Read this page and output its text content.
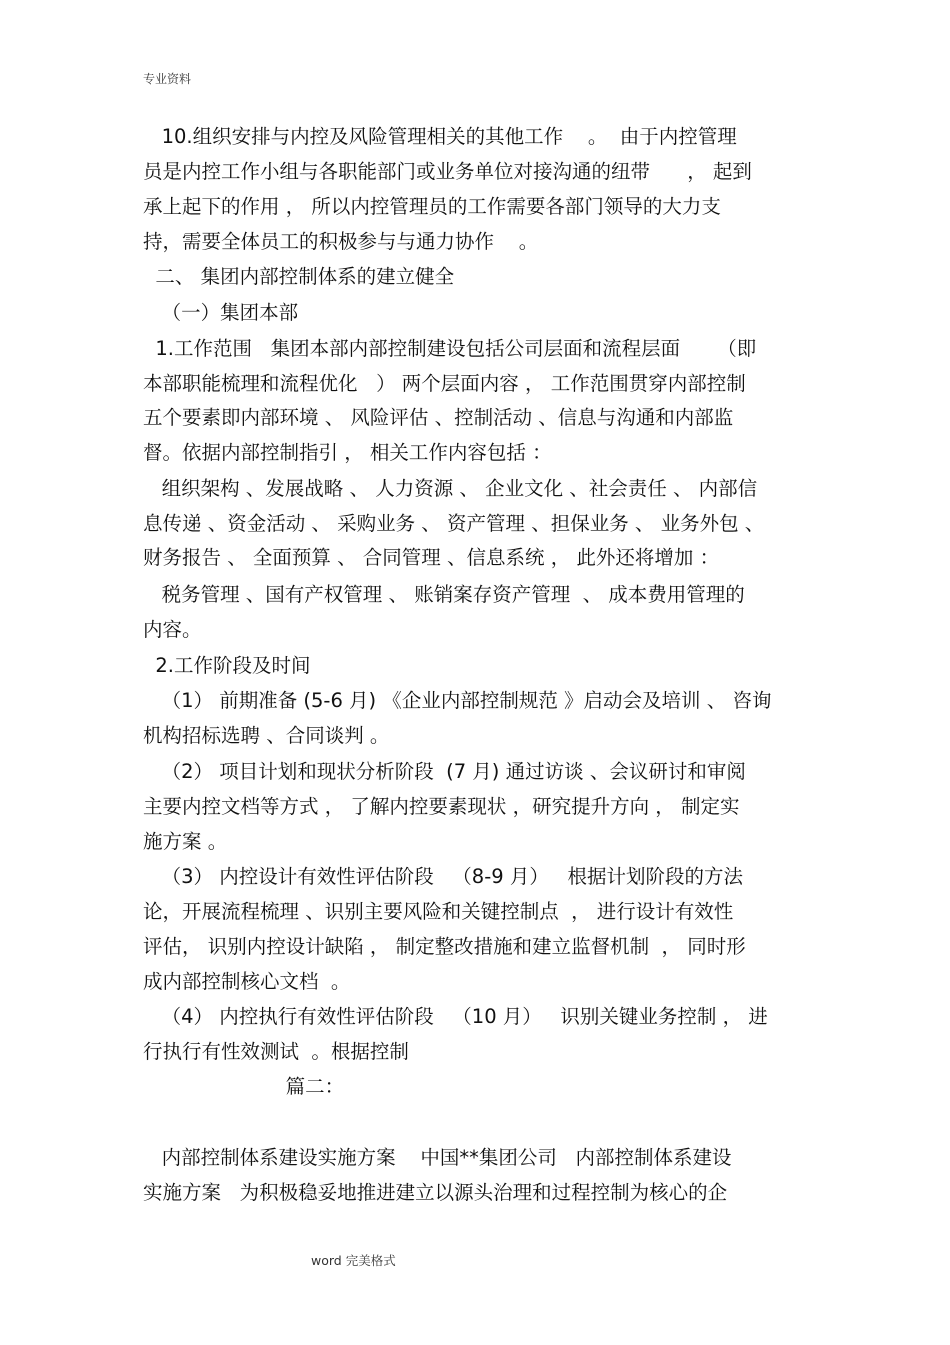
专业资料
10.组织安排与内控及风险管理相关的其他工作    。  由于内控管理
员是内控工作小组与各职能部门或业务单位对接沟通的纽带      ， 起到
承上起下的作用 ， 所以内控管理员的工作需要各部门领导的大力支
持，需要全体员工的积极参与与通力协作    。
二、 集团内部控制体系的建立健全
（一）集团本部
1.工作范围   集团本部内部控制建设包括公司层面和流程层面      （即
本部职能梳理和流程优化   ） 两个层面内容 ， 工作范围贯穿内部控制
五个要素即内部环境 、 风险评估 、控制活动 、信息与沟通和内部监
督。依据内部控制指引 ， 相关工作内容包括 ：
组织架构 、发展战略 、 人力资源 、 企业文化 、社会责任 、 内部信
息传递 、资金活动 、 采购业务 、 资产管理 、担保业务 、 业务外包 、
财务报告 、 全面预算 、 合同管理 、信息系统 ， 此外还将增加 ：
税务管理 、国有产权管理 、 账销案存资产管理  、 成本费用管理的
内容。
2.工作阶段及时间
（1） 前期准备 (5-6 月) 《企业内部控制规范 》启动会及培训 、 咨询
机构招标选聘 、合同谈判 。
（2） 项目计划和现状分析阶段  (7 月) 通过访谈 、会议研讨和审阅
主要内控文档等方式 ， 了解内控要素现状 ，研究提升方向 ， 制定实
施方案 。
（3） 内控设计有效性评估阶段   （8-9 月）   根据计划阶段的方法
论，开展流程梳理 、识别主要风险和关键控制点  ， 进行设计有效性
评估， 识别内控设计缺陷 ， 制定整改措施和建立监督机制  ， 同时形
成内部控制核心文档  。
（4） 内控执行有效性评估阶段   （10 月）   识别关键业务控制 ， 进
行执行有性效测试  。根据控制
篇二：
内部控制体系建设实施方案    中国**集团公司   内部控制体系建设
实施方案   为积极稳妥地推进建立以源头治理和过程控制为核心的企
word 完美格式
